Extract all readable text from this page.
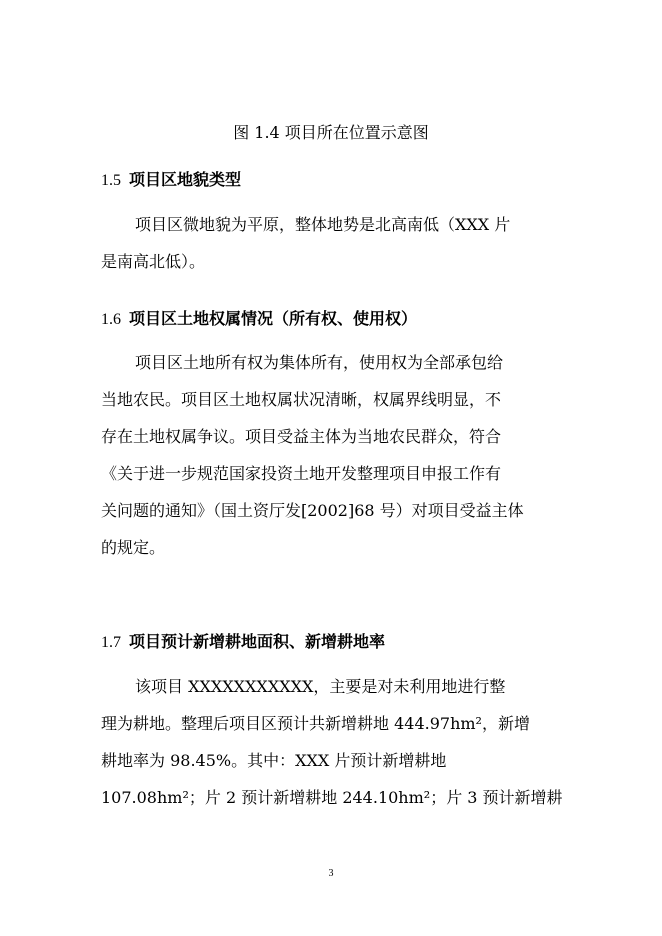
图 1.4 项目所在位置示意图
1.5 项目区地貌类型
项目区微地貌为平原，整体地势是北高南低（XXX 片
是南高北低）。
1.6 项目区土地权属情况（所有权、使用权）
项目区土地所有权为集体所有，使用权为全部承包给
当地农民。项目区土地权属状况清晰，权属界线明显，不
存在土地权属争议。项目受益主体为当地农民群众，符合
《关于进一步规范国家投资土地开发整理项目申报工作有
关问题的通知》（国土资厅发[2002]68 号）对项目受益主体
的规定。
1.7 项目预计新增耕地面积、新增耕地率
该项目 XXXXXXXXXXX，主要是对未利用地进行整
理为耕地。整理后项目区预计共新增耕地 444.97hm²，新增
耕地率为 98.45%。其中：XXX 片预计新增耕地
107.08hm²；片 2 预计新增耕地 244.10hm²；片 3 预计新增耕
3
